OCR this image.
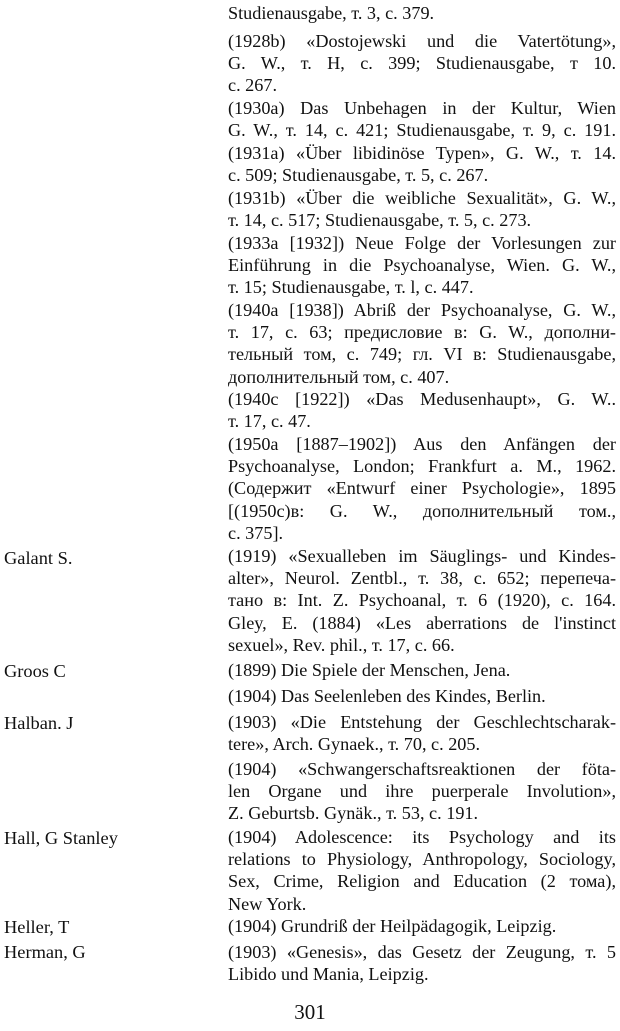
Studienausgabe, т. 3, с. 379.
(1928b) «Dostojewski und die Vatertötung»,
G. W., т. H, с. 399; Studienausgabe, т 10.
с. 267.
(1930a) Das Unbehagen in der Kultur, Wien
G. W., т. 14, с. 421; Studienausgabe, т. 9, с. 191.
(1931a) «Über libidinöse Typen», G. W., т. 14.
с. 509; Studienausgabe, т. 5, с. 267.
(1931b) «Über die weibliche Sexualität», G. W.,
т. 14, с. 517; Studienausgabe, т. 5, с. 273.
(1933a [1932]) Neue Folge der Vorlesungen zur
Einführung in die Psychoanalyse, Wien. G. W.,
т. 15; Studienausgabe, т. l, с. 447.
(1940a [1938]) Abriß der Psychoanalyse, G. W.,
т. 17, с. 63; предисловие в: G. W., дополни-
тельный том, с. 749; гл. VI в: Studienausgabe,
дополнительный том, с. 407.
(1940c [1922]) «Das Medusenhaupt», G. W..
т. 17, с. 47.
(1950a [1887–1902]) Aus den Anfängen der
Psychoanalyse, London; Frankfurt a. M., 1962.
(Содержит «Entwurf einer Psychologie», 1895
[(1950c)в: G. W., дополнительный том.,
с. 375].
(1919) «Sexualleben im Säuglings- und Kindes-
alter», Neurol. Zentbl., т. 38, с. 652; перепеча-
тано в: Int. Z. Psychoanal, т. 6 (1920), с. 164.
Gley, E. (1884) «Les aberrations de l'instinct
sexuel», Rev. phil., т. 17, с. 66.
(1899) Die Spiele der Menschen, Jena.
(1904) Das Seelenleben des Kindes, Berlin.
(1903) «Die Entstehung der Geschlechtscharak-
tere», Arch. Gynaek., т. 70, с. 205.
(1904) «Schwangerschaftsreaktionen der föta-
len Organe und ihre puerperale Involution»,
Z. Geburtsb. Gynäk., т. 53, с. 191.
(1904) Adolescence: its Psychology and its
relations to Physiology, Anthropology, Sociology,
Sex, Crime, Religion and Education (2 тома),
New York.
(1904) Grundriß der Heilpädagogik, Leipzig.
(1903) «Genesis», das Gesetz der Zeugung, т. 5
Libido und Mania, Leipzig.
Galant S.
Groos C
Halban. J
Hall, G Stanley
Heller, T
Herman, G
301
